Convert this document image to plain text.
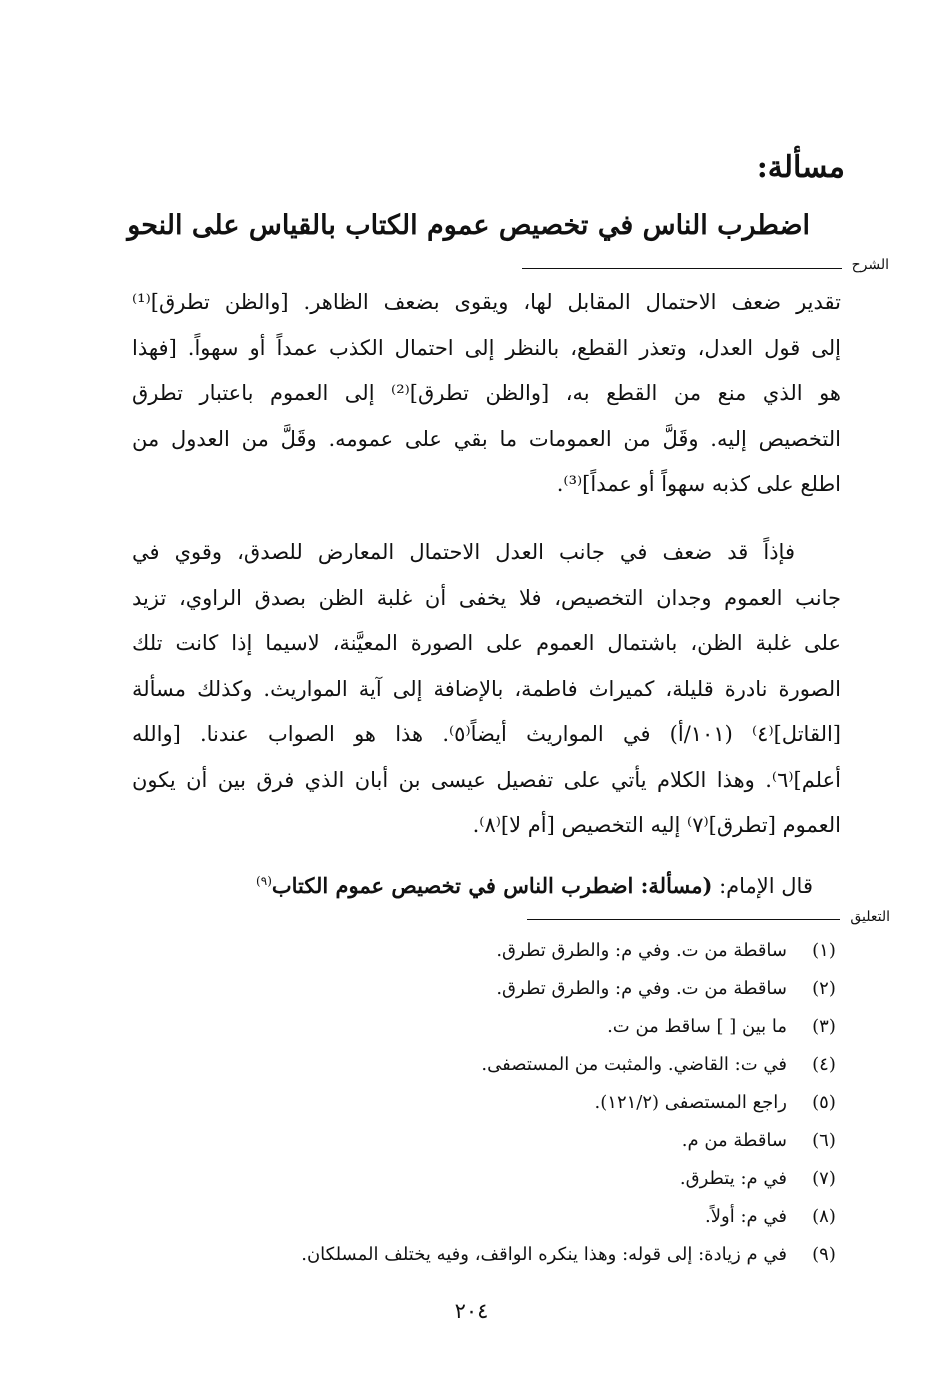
مسألة:
اضطرب الناس في تخصيص عموم الكتاب بالقياس على النحو
الشرح
تقدير ضعف الاحتمال المقابل لها، ويقوى بضعف الظاهر. [والظن تطرق]⁽¹⁾
إلى قول العدل، وتعذر القطع، بالنظر إلى احتمال الكذب عمداً أو سهواً. [فهذا
هو الذي منع من القطع به، [والظن تطرق]⁽²⁾ إلى العموم باعتبار تطرق
التخصيص إليه. وقَلَّ من العمومات ما بقي على عمومه. وقَلَّ من العدول من
اطلع على كذبه سهواً أو عمداً]⁽³⁾.
فإذاً قد ضعف في جانب العدل الاحتمال المعارض للصدق، وقوي في
جانب العموم وجدان التخصيص، فلا يخفى أن غلبة الظن بصدق الراوي، تزيد
على غلبة الظن، باشتمال العموم على الصورة المعيَّنة، لاسيما إذا كانت تلك
الصورة نادرة قليلة، كميراث فاطمة، بالإضافة إلى آية المواريث. وكذلك مسألة
[القاتل]⁽٤⁾ (١٠١/أ) في المواريث أيضاً⁽٥⁾. هذا هو الصواب عندنا. [والله
أعلم]⁽٦⁾. وهذا الكلام يأتي على تفصيل عيسى بن أبان الذي فرق بين أن يكون
العموم [تطرق]⁽٧⁾ إليه التخصيص [أم لا]⁽٨⁾.
قال الإمام: (مسألة: اضطرب الناس في تخصيص عموم الكتاب$^{(٩)}$
التعليق
(١)
ساقطة من ت. وفي م: والطرق تطرق.
(٢)
ساقطة من ت. وفي م: والطرق تطرق.
(٣)
ما بين [ ] ساقط من ت.
(٤)
في ت: القاضي. والمثبت من المستصفى.
(٥)
راجع المستصفى (١٢١/٢).
(٦)
ساقطة من م.
(٧)
في م: يتطرق.
(٨)
في م: أولاً.
(٩)
في م زيادة: إلى قوله: وهذا ينكره الواقف، وفيه يختلف المسلكان.
٢٠٤
